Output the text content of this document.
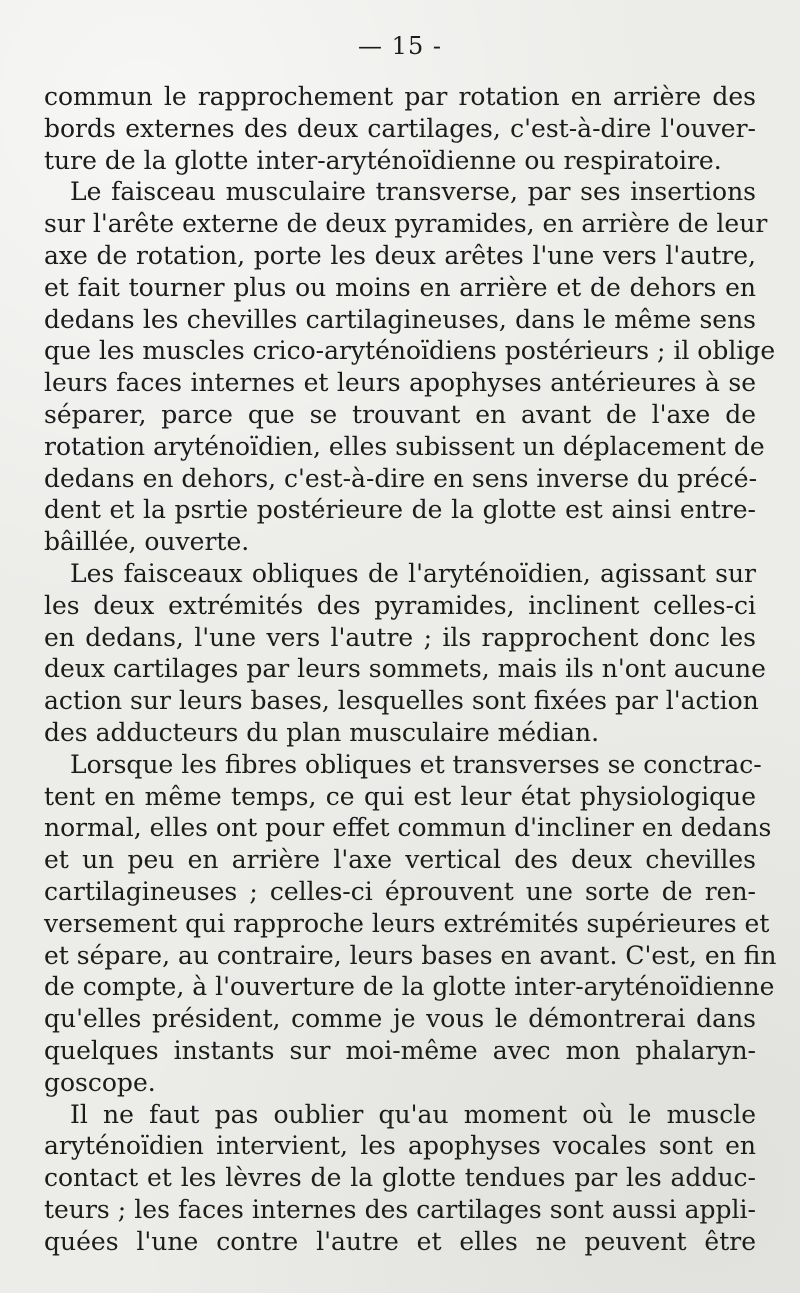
— 15 -
commun le rapprochement par rotation en arrière des
bords externes des deux cartilages, c'est-à-dire l'ouver-
ture de la glotte inter-aryténoïdienne ou respiratoire.
Le faisceau musculaire transverse, par ses insertions
sur l'arête externe de deux pyramides, en arrière de leur
axe de rotation, porte les deux arêtes l'une vers l'autre,
et fait tourner plus ou moins en arrière et de dehors en
dedans les chevilles cartilagineuses, dans le même sens
que les muscles crico-aryténoïdiens postérieurs ; il oblige
leurs faces internes et leurs apophyses antérieures à se
séparer, parce que se trouvant en avant de l'axe de
rotation aryténoïdien, elles subissent un déplacement de
dedans en dehors, c'est-à-dire en sens inverse du précé-
dent et la psrtie postérieure de la glotte est ainsi entre-
bâillée, ouverte.
Les faisceaux obliques de l'aryténoïdien, agissant sur
les deux extrémités des pyramides, inclinent celles-ci
en dedans, l'une vers l'autre ; ils rapprochent donc les
deux cartilages par leurs sommets, mais ils n'ont aucune
action sur leurs bases, lesquelles sont fixées par l'action
des adducteurs du plan musculaire médian.
Lorsque les fibres obliques et transverses se conctrac-
tent en même temps, ce qui est leur état physiologique
normal, elles ont pour effet commun d'incliner en dedans
et un peu en arrière l'axe vertical des deux chevilles
cartilagineuses ; celles-ci éprouvent une sorte de ren-
versement qui rapproche leurs extrémités supérieures et
et sépare, au contraire, leurs bases en avant. C'est, en fin
de compte, à l'ouverture de la glotte inter-aryténoïdienne
qu'elles président, comme je vous le démontrerai dans
quelques instants sur moi-même avec mon phalaryn-
goscope.
Il ne faut pas oublier qu'au moment où le muscle
aryténoïdien intervient, les apophyses vocales sont en
contact et les lèvres de la glotte tendues par les adduc-
teurs ; les faces internes des cartilages sont aussi appli-
quées l'une contre l'autre et elles ne peuvent être
